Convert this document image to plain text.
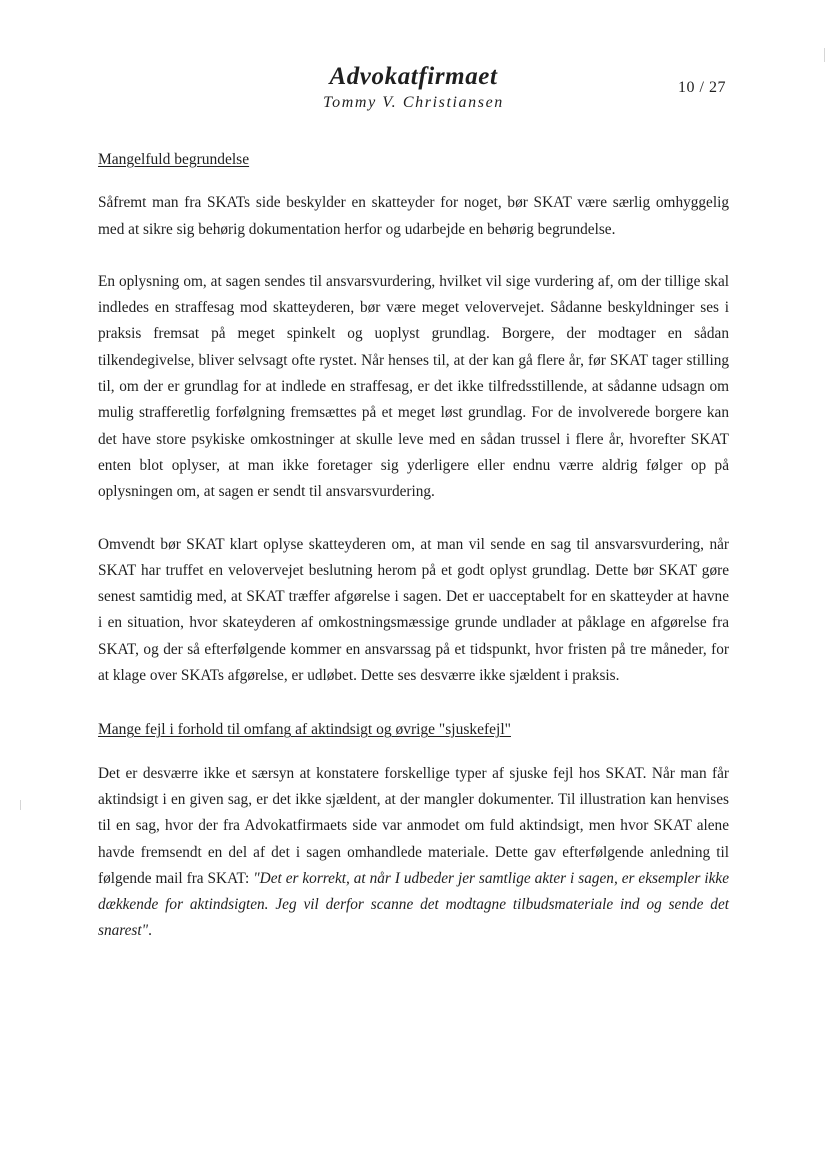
Advokatfirmaet
Tommy V. Christiansen
10 / 27
Mangelfuld begrundelse

Såfremt man fra SKATs side beskylder en skatteyder for noget, bør SKAT være særlig omhyggelig med at sikre sig behørig dokumentation herfor og udarbejde en behørig begrundelse.

En oplysning om, at sagen sendes til ansvarsvurdering, hvilket vil sige vurdering af, om der tillige skal indledes en straffesag mod skatteyderen, bør være meget velovervejet. Sådanne beskyldninger ses i praksis fremsat på meget spinkelt og uoplyst grundlag. Borgere, der modtager en sådan tilkendegivelse, bliver selvsagt ofte rystet. Når henses til, at der kan gå flere år, før SKAT tager stilling til, om der er grundlag for at indlede en straffesag, er det ikke tilfredsstillende, at sådanne udsagn om mulig strafferetlig forfølgning fremsættes på et meget løst grundlag. For de involverede borgere kan det have store psykiske omkostninger at skulle leve med en sådan trussel i flere år, hvorefter SKAT enten blot oplyser, at man ikke foretager sig yderligere eller endnu værre aldrig følger op på oplysningen om, at sagen er sendt til ansvarsvurdering.

Omvendt bør SKAT klart oplyse skatteyderen om, at man vil sende en sag til ansvarsvurdering, når SKAT har truffet en velovervejet beslutning herom på et godt oplyst grundlag. Dette bør SKAT gøre senest samtidig med, at SKAT træffer afgørelse i sagen. Det er uacceptabelt for en skatteyder at havne i en situation, hvor skateyderen af omkostningsmæssige grunde undlader at påklage en afgørelse fra SKAT, og der så efterfølgende kommer en ansvarssag på et tidspunkt, hvor fristen på tre måneder, for at klage over SKATs afgørelse, er udløbet. Dette ses desværre ikke sjældent i praksis.

Mange fejl i forhold til omfang af aktindsigt og øvrige "sjuskefejl"

Det er desværre ikke et særsyn at konstatere forskellige typer af sjuske fejl hos SKAT. Når man får aktindsigt i en given sag, er det ikke sjældent, at der mangler dokumenter. Til illustration kan henvises til en sag, hvor der fra Advokatfirmaets side var anmodet om fuld aktindsigt, men hvor SKAT alene havde fremsendt en del af det i sagen omhandlede materiale. Dette gav efterfølgende anledning til følgende mail fra SKAT: "Det er korrekt, at når I udbeder jer samtlige akter i sagen, er eksempler ikke dækkende for aktindsigten. Jeg vil derfor scanne det modtagne tilbudsmateriale ind og sende det snarest".
